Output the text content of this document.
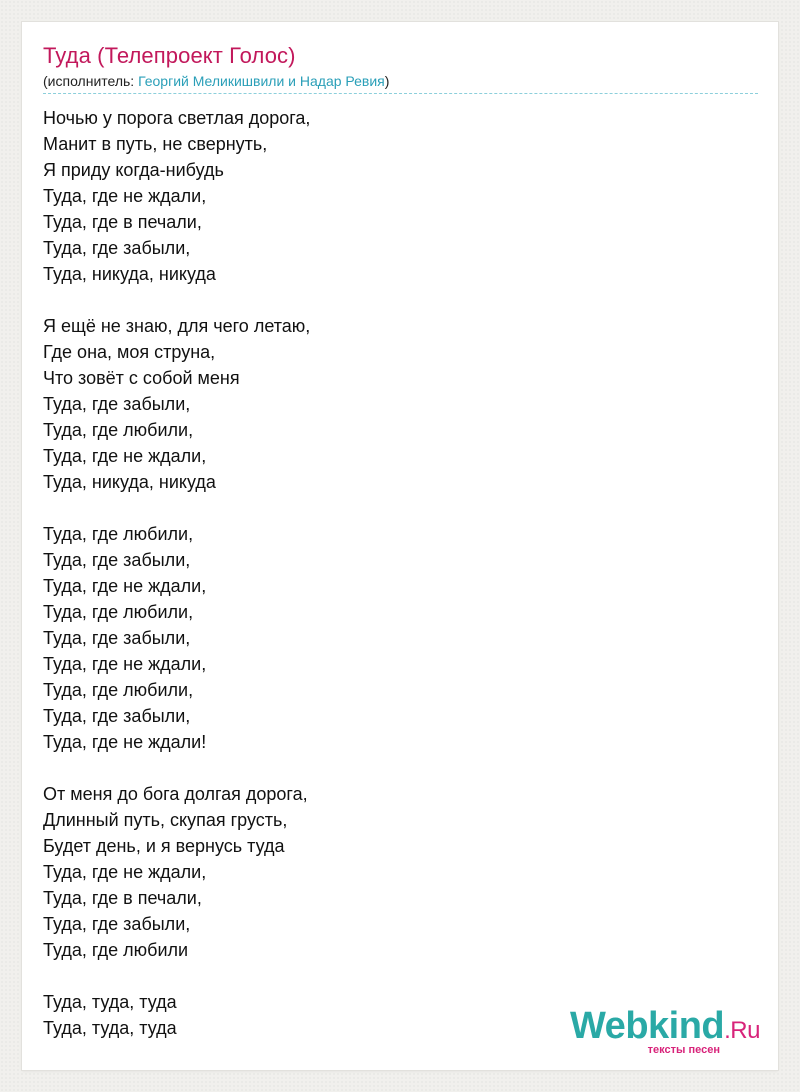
Туда (Телепроект Голос)
(исполнитель: Георгий Меликишвили и Надар Ревия)
Ночью у порога светлая дорога,
Манит в путь, не свернуть,
Я приду когда-нибудь
Туда, где не ждали,
Туда, где в печали,
Туда, где забыли,
Туда, никуда, никуда
Я ещё не знаю, для чего летаю,
Где она, моя струна,
Что зовёт с собой меня
Туда, где забыли,
Туда, где любили,
Туда, где не ждали,
Туда, никуда, никуда
Туда, где любили,
Туда, где забыли,
Туда, где не ждали,
Туда, где любили,
Туда, где забыли,
Туда, где не ждали,
Туда, где любили,
Туда, где забыли,
Туда, где не ждали!
От меня до бога долгая дорога,
Длинный путь, скупая грусть,
Будет день, и я вернусь туда
Туда, где не ждали,
Туда, где в печали,
Туда, где забыли,
Туда, где любили
Туда, туда, туда
Туда, туда, туда	Webkind.Ru
тексты песен
